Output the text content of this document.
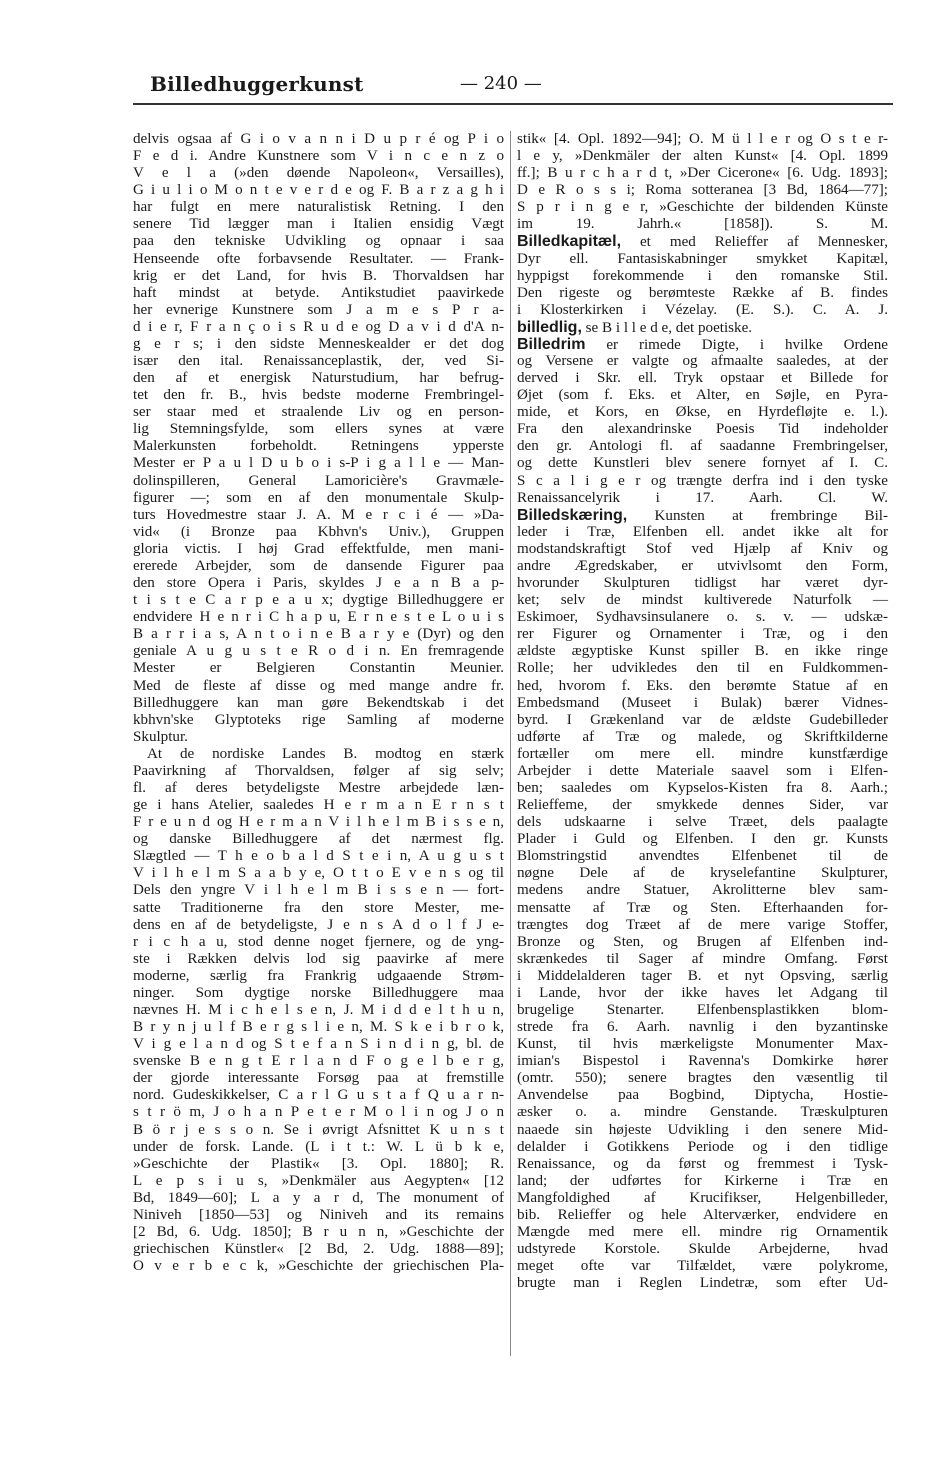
Billedhuggerkunst	— 240 —
delvis ogsaa af G i o v a n n i D u p r é og P i o
F e d i. Andre Kunstnere som V i n c e n z o
V e l a (»den døende Napoleon«, Versailles),
G i u l i o M o n t e v e r d e og F. B a r z a g h i
har fulgt en mere naturalistisk Retning. I den
senere Tid lægger man i Italien ensidig Vægt
paa den tekniske Udvikling og opnaar i saa
Henseende ofte forbavsende Resultater. — Frank-
krig er det Land, for hvis B. Thorvaldsen har
haft mindst at betyde. Antikstudiet paavirkede
her evnerige Kunstnere som J a m e s P r a-
d i e r, F r a n ç o i s R u d e og D a v i d d'A n-
g e r s; i den sidste Menneskealder er det dog
især den ital. Renaissanceplastik, der, ved Si-
den af et energisk Naturstudium, har befrug-
tet den fr. B., hvis bedste moderne Frembringel-
ser staar med et straalende Liv og en person-
lig Stemningsfylde, som ellers synes at være
Malerkunsten forbeholdt. Retningens ypperste
Mester er P a u l D u b o i s-P i g a l l e — Man-
dolinspilleren, General Lamoricière's Gravmæle-
figurer —; som en af den monumentale Skulp-
turs Hovedmestre staar J. A. M e r c i é — »Da-
vid« (i Bronze paa Kbhvn's Univ.), Gruppen
gloria victis. I høj Grad effektfulde, men mani-
ererede Arbejder, som de dansende Figurer paa
den store Opera i Paris, skyldes J e a n B a p-
t i s t e C a r p e a u x; dygtige Billedhuggere er
endvidere H e n r i C h a p u, E r n e s t e L o u i s
B a r r i a s, A n t o i n e B a r y e (Dyr) og den
geniale A u g u s t e R o d i n. En fremragende
Mester er Belgieren Constantin Meunier.
Med de fleste af disse og med mange andre fr.
Billedhuggere kan man gøre Bekendtskab i det
kbhvn'ske Glyptoteks rige Samling af moderne
Skulptur.
At de nordiske Landes B. modtog en stærk
Paavirkning af Thorvaldsen, følger af sig selv;
fl. af deres betydeligste Mestre arbejdede læn-
ge i hans Atelier, saaledes H e r m a n E r n s t
F r e u n d og H e r m a n V i l h e l m B i s s e n,
og danske Billedhuggere af det nærmest flg.
Slægtled — T h e o b a l d S t e i n, A u g u s t
V i l h e l m S a a b y e, O t t o E v e n s og til
Dels den yngre V i l h e l m B i s s e n — fort-
satte Traditionerne fra den store Mester, me-
dens en af de betydeligste, J e n s A d o l f J e-
r i c h a u, stod denne noget fjernere, og de yng-
ste i Rækken delvis lod sig paavirke af mere
moderne, særlig fra Frankrig udgaaende Strøm-
ninger. Som dygtige norske Billedhuggere maa
nævnes H. M i c h e l s e n, J. M i d d e l t h u n,
B r y n j u l f B e r g s l i e n, M. S k e i b r o k,
V i g e l a n d og S t e f a n S i n d i n g, bl. de
svenske B e n g t E r l a n d F o g e l b e r g,
der gjorde interessante Forsøg paa at fremstille
nord. Gudeskikkelser, C a r l G u s t a f Q u a r n-
s t r ö m, J o h a n P e t e r M o l i n og J o n
B ö r j e s s o n. Se i øvrigt Afsnittet K u n s t
under de forsk. Lande. (L i t t.: W. L ü b k e,
»Geschichte der Plastik« [3. Opl. 1880]; R.
L e p s i u s, »Denkmäler aus Aegypten« [12
Bd, 1849—60]; L a y a r d, The monument of
Niniveh [1850—53] og Niniveh and its remains
[2 Bd, 6. Udg. 1850]; B r u n n, »Geschichte der
griechischen Künstler« [2 Bd, 2. Udg. 1888—89];
O v e r b e c k, »Geschichte der griechischen Pla-
stik« [4. Opl. 1892—94]; O. M ü l l e r og O s t e r-
l e y, »Denkmäler der alten Kunst« [4. Opl. 1899
ff.]; B u r c h a r d t, »Der Cicerone« [6. Udg. 1893];
D e R o s s i; Roma sotteranea [3 Bd, 1864—77];
S p r i n g e r, »Geschichte der bildenden Künste
im 19. Jahrh.« [1858]). S. M.
Billedkapitæl, et med Relieffer af Mennesker,
Dyr ell. Fantasiskabninger smykket Kapitæl,
hyppigst forekommende i den romanske Stil.
Den rigeste og berømteste Række af B. findes
i Klosterkirken i Vézelay. (E. S.). C. A. J.
billedlig, se B i l l e d e, det poetiske.
Billedrim er rimede Digte, i hvilke Ordene
og Versene er valgte og afmaalte saaledes, at der
derved i Skr. ell. Tryk opstaar et Billede for
Øjet (som f. Eks. et Alter, en Søjle, en Pyra-
mide, et Kors, en Økse, en Hyrdefløjte e. l.).
Fra den alexandrinske Poesis Tid indeholder
den gr. Antologi fl. af saadanne Frembringelser,
og dette Kunstleri blev senere fornyet af I. C.
S c a l i g e r og trængte derfra ind i den tyske
Renaissancelyrik i 17. Aarh. Cl. W.
Billedskæring, Kunsten at frembringe Bil-
leder i Træ, Elfenben ell. andet ikke alt for
modstandskraftigt Stof ved Hjælp af Kniv og
andre Ægredskaber, er utvivlsomt den Form,
hvorunder Skulpturen tidligst har været dyr-
ket; selv de mindst kultiverede Naturfolk —
Eskimoer, Sydhavsinsulanere o. s. v. — udskæ-
rer Figurer og Ornamenter i Træ, og i den
ældste ægyptiske Kunst spiller B. en ikke ringe
Rolle; her udvikledes den til en Fuldkommen-
hed, hvorom f. Eks. den berømte Statue af en
Embedsmand (Museet i Bulak) bærer Vidnes-
byrd. I Grækenland var de ældste Gudebilleder
udførte af Træ og malede, og Skriftkilderne
fortæller om mere ell. mindre kunstfærdige
Arbejder i dette Materiale saavel som i Elfen-
ben; saaledes om Kypselos-Kisten fra 8. Aarh.;
Relieffeme, der smykkede dennes Sider, var
dels udskaarne i selve Træet, dels paalagte
Plader i Guld og Elfenben. I den gr. Kunsts
Blomstringstid anvendtes Elfenbenet til de
nøgne Dele af de kryselefantine Skulpturer,
medens andre Statuer, Akrolitterne blev sam-
mensatte af Træ og Sten. Efterhaanden for-
trængtes dog Træet af de mere varige Stoffer,
Bronze og Sten, og Brugen af Elfenben ind-
skrænkedes til Sager af mindre Omfang. Først
i Middelalderen tager B. et nyt Opsving, særlig
i Lande, hvor der ikke haves let Adgang til
brugelige Stenarter. Elfenbensplastikken blom-
strede fra 6. Aarh. navnlig i den byzantinske
Kunst, til hvis mærkeligste Monumenter Max-
imian's Bispestol i Ravenna's Domkirke hører
(omtr. 550); senere bragtes den væsentlig til
Anvendelse paa Bogbind, Diptycha, Hostie-
æsker o. a. mindre Genstande. Træskulpturen
naaede sin højeste Udvikling i den senere Mid-
delalder i Gotikkens Periode og i den tidlige
Renaissance, og da først og fremmest i Tysk-
land; der udførtes for Kirkerne i Træ en
Mangfoldighed af Krucifikser, Helgenbilleder,
bib. Relieffer og hele Alterværker, endvidere en
Mængde med mere ell. mindre rig Ornamentik
udstyrede Korstole. Skulde Arbejderne, hvad
meget ofte var Tilfældet, være polykrome,
brugte man i Reglen Lindetræ, som efter Ud-
